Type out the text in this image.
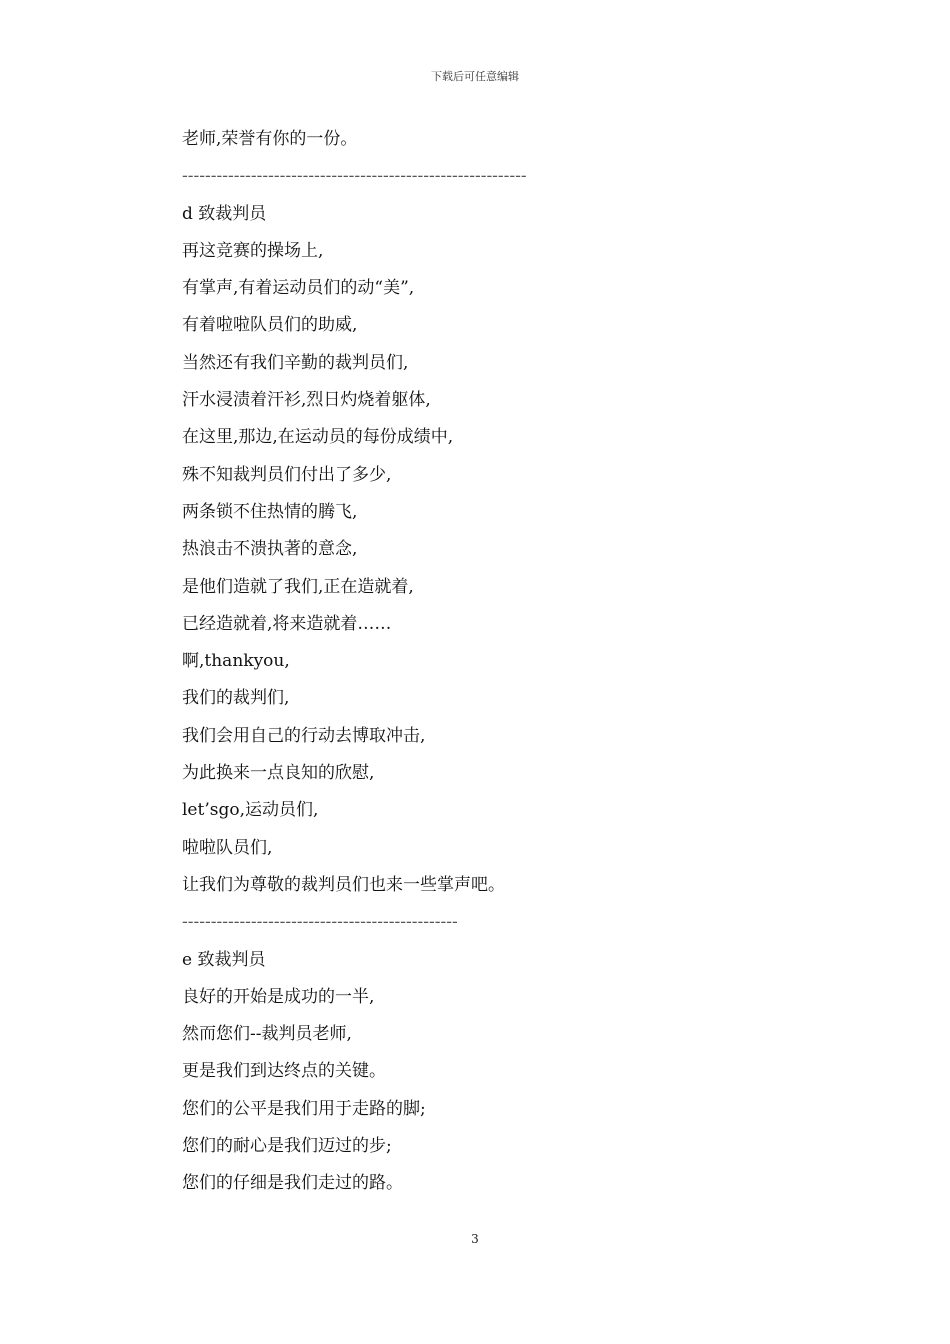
下载后可任意编辑
老师,荣誉有你的一份。
------------------------------------------------------------
d 致裁判员
再这竞赛的操场上,
有掌声,有着运动员们的动“美”,
有着啦啦队员们的助威,
当然还有我们辛勤的裁判员们,
汗水浸渍着汗衫,烈日灼烧着躯体,
在这里,那边,在运动员的每份成绩中,
殊不知裁判员们付出了多少,
两条锁不住热情的腾飞,
热浪击不溃执著的意念,
是他们造就了我们,正在造就着,
已经造就着,将来造就着……
啊,thankyou,
我们的裁判们,
我们会用自己的行动去博取冲击,
为此换来一点良知的欣慰,
let’sgo,运动员们,
啦啦队员们,
让我们为尊敬的裁判员们也来一些掌声吧。
------------------------------------------------
e 致裁判员
良好的开始是成功的一半,
然而您们--裁判员老师,
更是我们到达终点的关键。
您们的公平是我们用于走路的脚;
您们的耐心是我们迈过的步;
您们的仔细是我们走过的路。
3
